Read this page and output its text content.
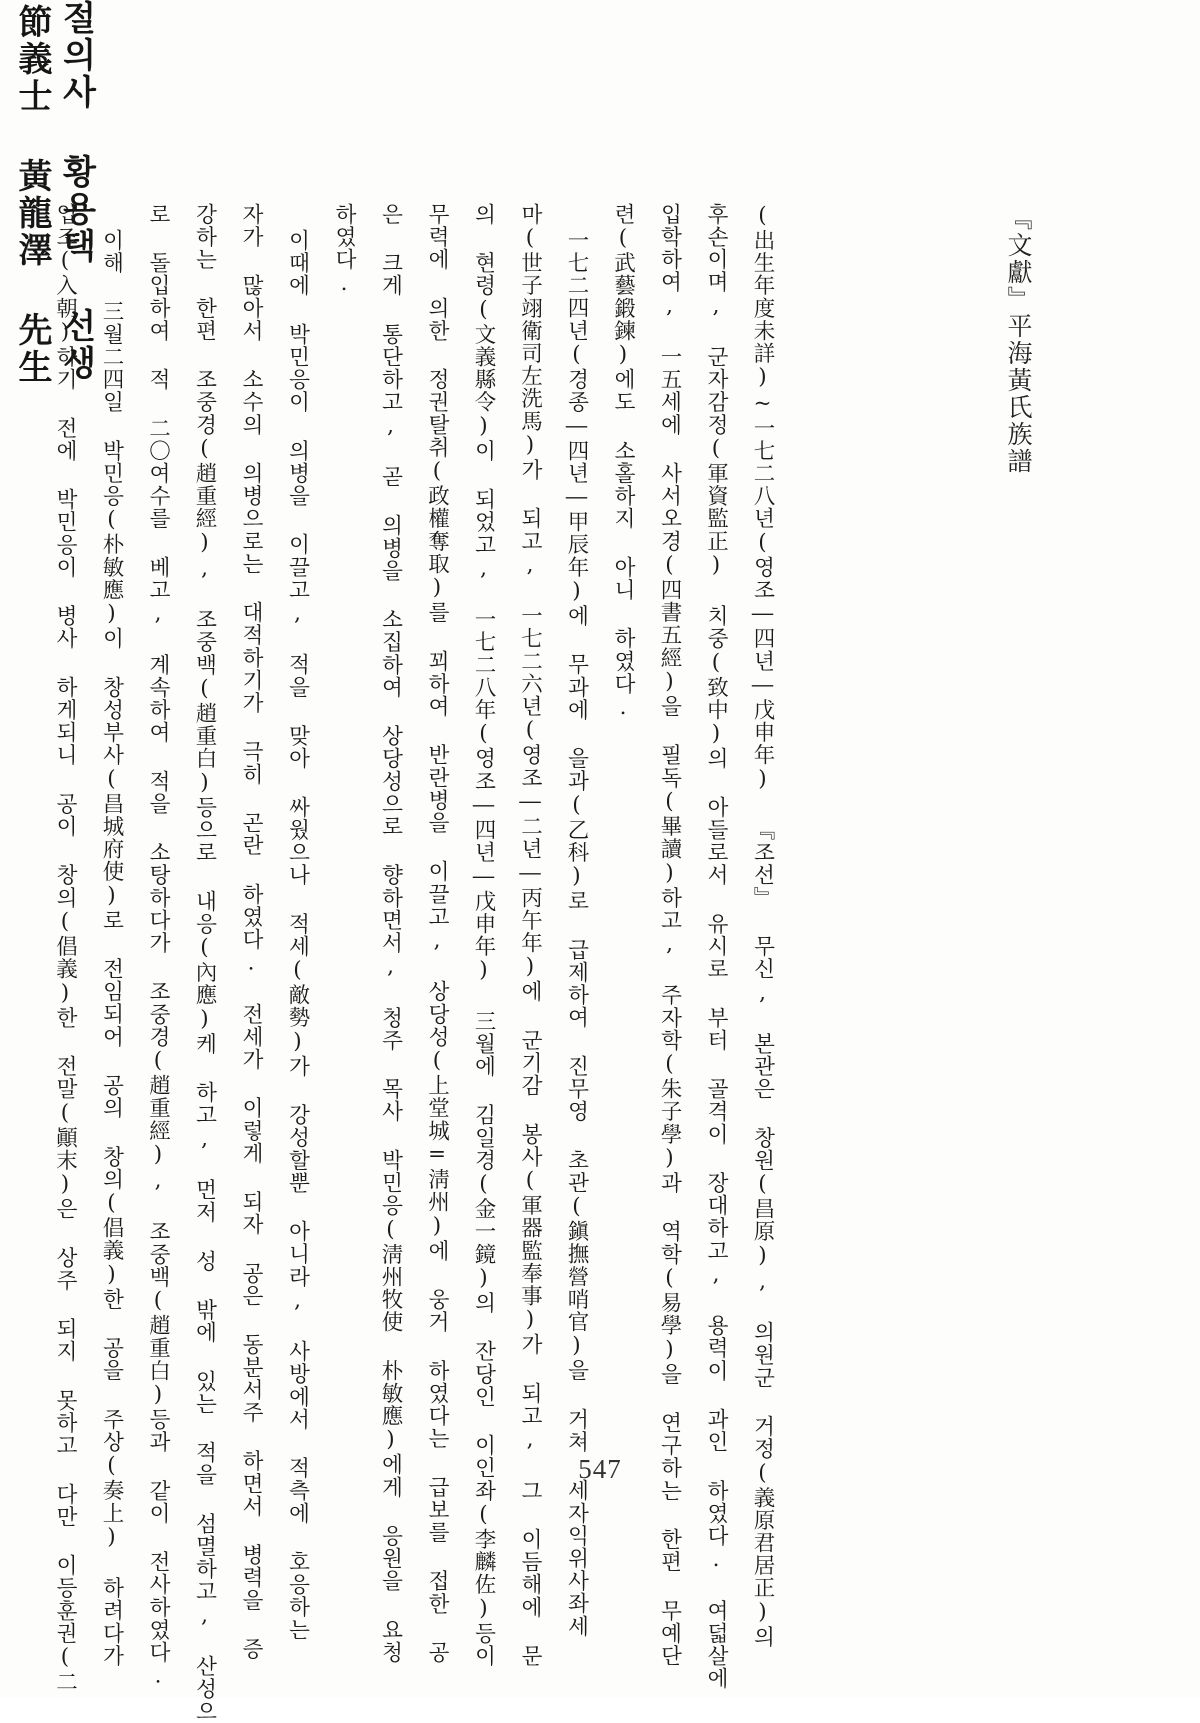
『文獻』平海黃氏族譜
절의사 황용택 선생
節義士 黃龍澤 先生

(出生年度未詳)~一七二八년(영조―四년―戊申年) 『조선』 무신, 본관은 창원(昌原), 의원군 거정(義原君居正)의

후손이며, 군자감정(軍資監正) 치중(致中)의 아들로서 유시로 부터 골격이 장대하고, 용력이 과인 하였다. 여덟살에

입학하여, 一五세에 사서오경(四書五經)을 필독(畢讀)하고, 주자학(朱子學)과 역학(易學)을 연구하는 한편 무예단

련(武藝鍛鍊)에도 소홀하지 아니 하였다.

一七二四년(경종―四년―甲辰年)에 무과에 을과(乙科)로 급제하여 진무영 초관(鎭撫營哨官)을 거쳐 세자익위사좌세

마(世子翊衛司左洗馬)가 되고, 一七二六년(영조―二년―丙午年)에 군기감 봉사(軍器監奉事)가 되고, 그 이듬해에 문

의 현령(文義縣令)이 되었고, 一七二八年(영조―四년―戊申年) 三월에 김일경(金一鏡)의 잔당인 이인좌(李麟佐)등이

무력에 의한 정권탈취(政權奪取)를 꾀하여 반란병을 이끌고, 상당성(上堂城=淸州)에 웅거 하였다는 급보를 접한 공

은 크게 통단하고, 곧 의병을 소집하여 상당성으로 향하면서, 청주 목사 박민응(淸州牧使 朴敏應)에게 응원을 요청

하였다.

이때에 박민응이 의병을 이끌고, 적을 맞아 싸웠으나 적세(敵勢)가 강성할뿐 아니라, 사방에서 적측에 호응하는

자가 많아서 소수의 의병으로는 대적하기가 극히 곤란 하였다. 전세가 이렇게 되자 공은 동분서주 하면서 병력을 증

강하는 한편 조중경(趙重經), 조중백(趙重白)등으로 내응(內應)케 하고, 먼저 성 밖에 있는 적을 섬멸하고, 산성으

로 돌입하여 적 二〇여수를 베고, 계속하여 적을 소탕하다가 조중경(趙重經), 조중백(趙重白)등과 같이 전사하였다.

이해 三월二四일 박민응(朴敏應)이 창성부사(昌城府使)로 전임되어 공의 창의(倡義)한 공을 주상(奏上) 하려다가

입조(入朝)하기 전에 박민응이 병사 하게되니 공이 창의(倡義)한 전말(顚末)은 상주 되지 못하고 다만 이등훈권(二	547
